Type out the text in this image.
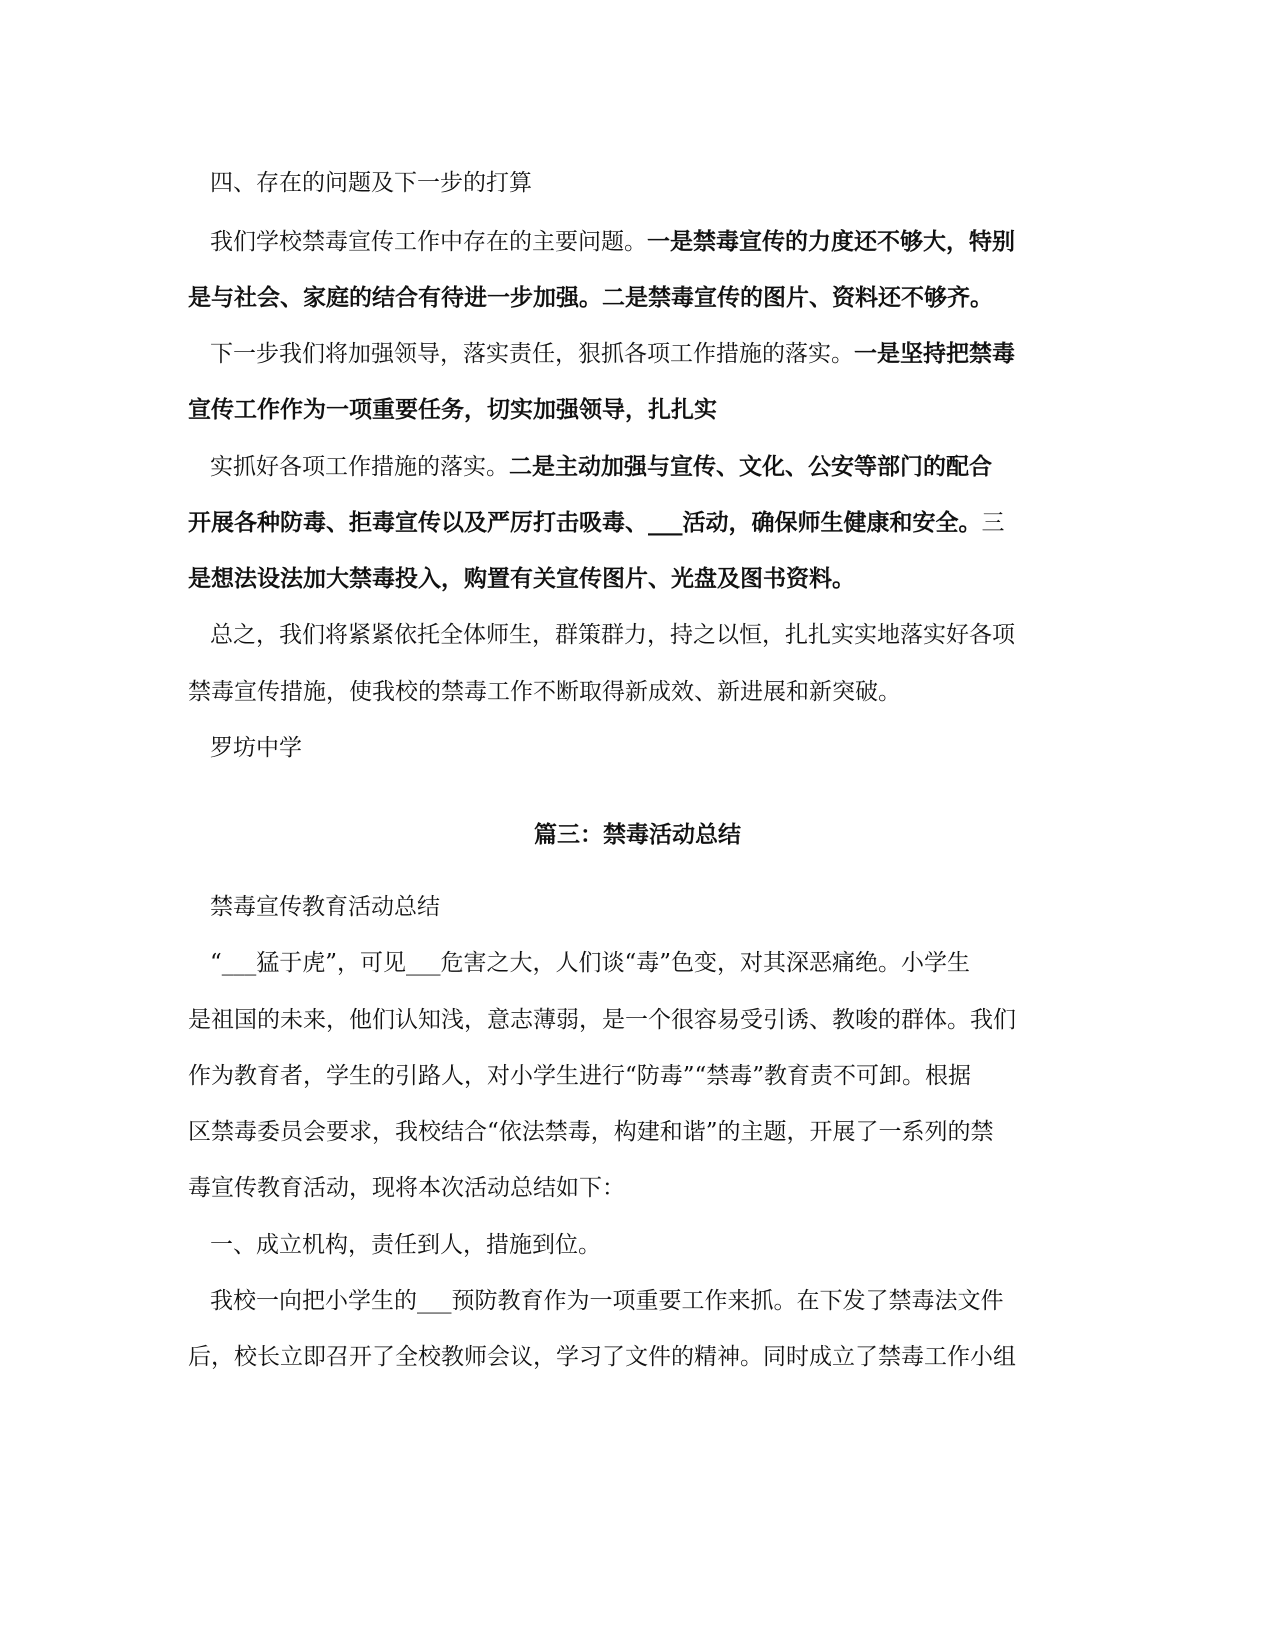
四、存在的问题及下一步的打算
我们学校禁毒宣传工作中存在的主要问题。一是禁毒宣传的力度还不够大，特别
是与社会、家庭的结合有待进一步加强。二是禁毒宣传的图片、资料还不够齐。
下一步我们将加强领导，落实责任，狠抓各项工作措施的落实。一是坚持把禁毒
宣传工作作为一项重要任务，切实加强领导，扎扎实
实抓好各项工作措施的落实。二是主动加强与宣传、文化、公安等部门的配合
开展各种防毒、拒毒宣传以及严厉打击吸毒、___活动，确保师生健康和安全。三
是想法设法加大禁毒投入，购置有关宣传图片、光盘及图书资料。
总之，我们将紧紧依托全体师生，群策群力，持之以恒，扎扎实实地落实好各项
禁毒宣传措施，使我校的禁毒工作不断取得新成效、新进展和新突破。
罗坊中学
篇三：禁毒活动总结
禁毒宣传教育活动总结
“___猛于虎”，可见___危害之大，人们谈“毒”色变，对其深恶痛绝。小学生
是祖国的未来，他们认知浅，意志薄弱，是一个很容易受引诱、教唆的群体。我们
作为教育者，学生的引路人，对小学生进行“防毒”“禁毒”教育责不可卸。根据
区禁毒委员会要求，我校结合“依法禁毒，构建和谐”的主题，开展了一系列的禁
毒宣传教育活动，现将本次活动总结如下：
一、成立机构，责任到人，措施到位。
我校一向把小学生的___预防教育作为一项重要工作来抓。在下发了禁毒法文件
后，校长立即召开了全校教师会议，学习了文件的精神。同时成立了禁毒工作小组
